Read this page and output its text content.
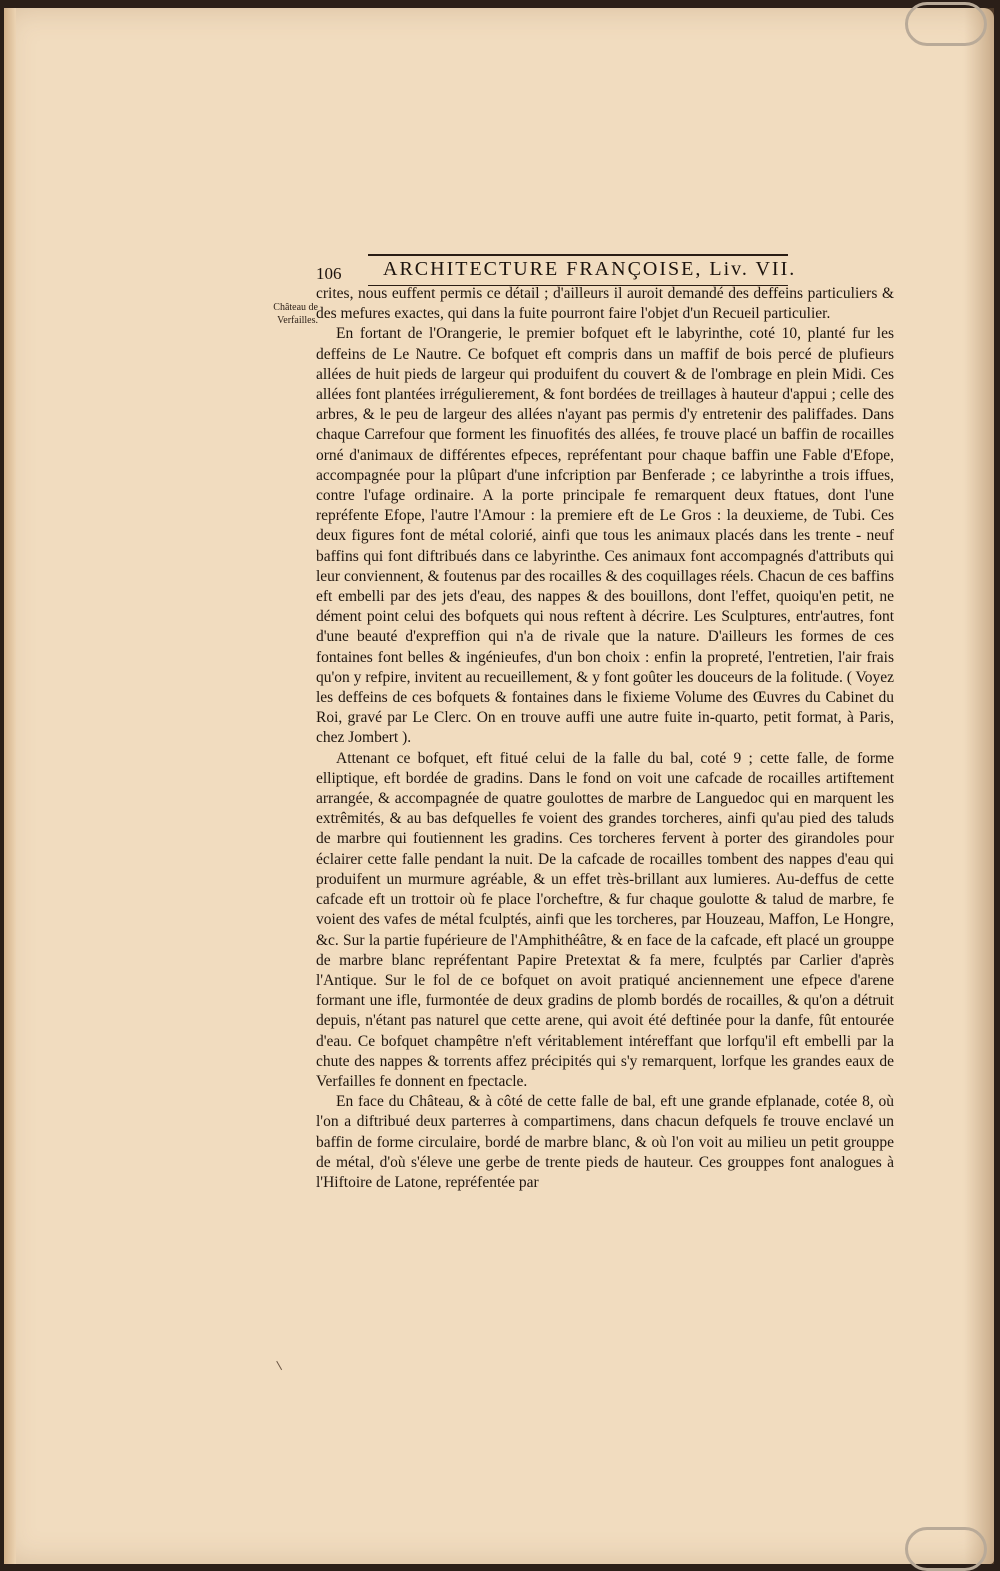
106 ARCHITECTURE FRANÇOISE, Liv. VII.
Château de Verfailles.

crites, nous euffent permis ce détail ; d'ailleurs il auroit demandé des deffeins particuliers & des mefures exactes, qui dans la fuite pourront faire l'objet d'un Recueil particulier.

En fortant de l'Orangerie, le premier bofquet eft le labyrinthe, coté 10, planté fur les deffeins de Le Nautre. Ce bofquet eft compris dans un maffif de bois percé de plufieurs allées de huit pieds de largeur qui produifent du couvert & de l'ombrage en plein Midi. Ces allées font plantées irrégulierement, & font bordées de treillages à hauteur d'appui ; celle des arbres, & le peu de largeur des allées n'ayant pas permis d'y entretenir des paliffades. Dans chaque Carrefour que forment les finuofités des allées, fe trouve placé un baffin de rocailles orné d'animaux de différentes efpeces, repréfentant pour chaque baffin une Fable d'Efope, accompagnée pour la plûpart d'une infcription par Benferade ; ce labyrinthe a trois iffues, contre l'ufage ordinaire. A la porte principale fe remarquent deux ftatues, dont l'une repréfente Efope, l'autre l'Amour : la premiere eft de Le Gros : la deuxieme, de Tubi. Ces deux figures font de métal colorié, ainfi que tous les animaux placés dans les trente - neuf baffins qui font diftribués dans ce labyrinthe. Ces animaux font accompagnés d'attributs qui leur conviennent, & foutenus par des rocailles & des coquillages réels. Chacun de ces baffins eft embelli par des jets d'eau, des nappes & des bouillons, dont l'effet, quoiqu'en petit, ne dément point celui des bofquets qui nous reftent à décrire. Les Sculptures, entr'autres, font d'une beauté d'expreffion qui n'a de rivale que la nature. D'ailleurs les formes de ces fontaines font belles & ingénieufes, d'un bon choix : enfin la propreté, l'entretien, l'air frais qu'on y refpire, invitent au recueillement, & y font goûter les douceurs de la folitude. ( Voyez les deffeins de ces bofquets & fontaines dans le fixieme Volume des Œuvres du Cabinet du Roi, gravé par Le Clerc. On en trouve auffi une autre fuite in-quarto, petit format, à Paris, chez Jombert ).

Attenant ce bofquet, eft fitué celui de la falle du bal, coté 9 ; cette falle, de forme elliptique, eft bordée de gradins. Dans le fond on voit une cafcade de rocailles artiftement arrangée, & accompagnée de quatre goulottes de marbre de Languedoc qui en marquent les extrêmités, & au bas defquelles fe voient des grandes torcheres, ainfi qu'au pied des taluds de marbre qui foutiennent les gradins. Ces torcheres fervent à porter des girandoles pour éclairer cette falle pendant la nuit. De la cafcade de rocailles tombent des nappes d'eau qui produifent un murmure agréable, & un effet très-brillant aux lumieres. Au-deffus de cette cafcade eft un trottoir où fe place l'orcheftre, & fur chaque goulotte & talud de marbre, fe voient des vafes de métal fculptés, ainfi que les torcheres, par Houzeau, Maffon, Le Hongre, &c. Sur la partie fupérieure de l'Amphithéâtre, & en face de la cafcade, eft placé un grouppe de marbre blanc repréfentant Papire Pretextat & fa mere, fculptés par Carlier d'après l'Antique. Sur le fol de ce bofquet on avoit pratiqué anciennement une efpece d'arene formant une ifle, furmontée de deux gradins de plomb bordés de rocailles, & qu'on a détruit depuis, n'étant pas naturel que cette arene, qui avoit été deftinée pour la danfe, fût entourée d'eau. Ce bofquet champêtre n'eft véritablement intéreffant que lorfqu'il eft embelli par la chute des nappes & torrents affez précipités qui s'y remarquent, lorfque les grandes eaux de Verfailles fe donnent en fpectacle.

En face du Château, & à côté de cette falle de bal, eft une grande efplanade, cotée 8, où l'on a diftribué deux parterres à compartimens, dans chacun defquels fe trouve enclavé un baffin de forme circulaire, bordé de marbre blanc, & où l'on voit au milieu un petit grouppe de métal, d'où s'éleve une gerbe de trente pieds de hauteur. Ces grouppes font analogues à l'Hiftoire de Latone, repréfentée par
